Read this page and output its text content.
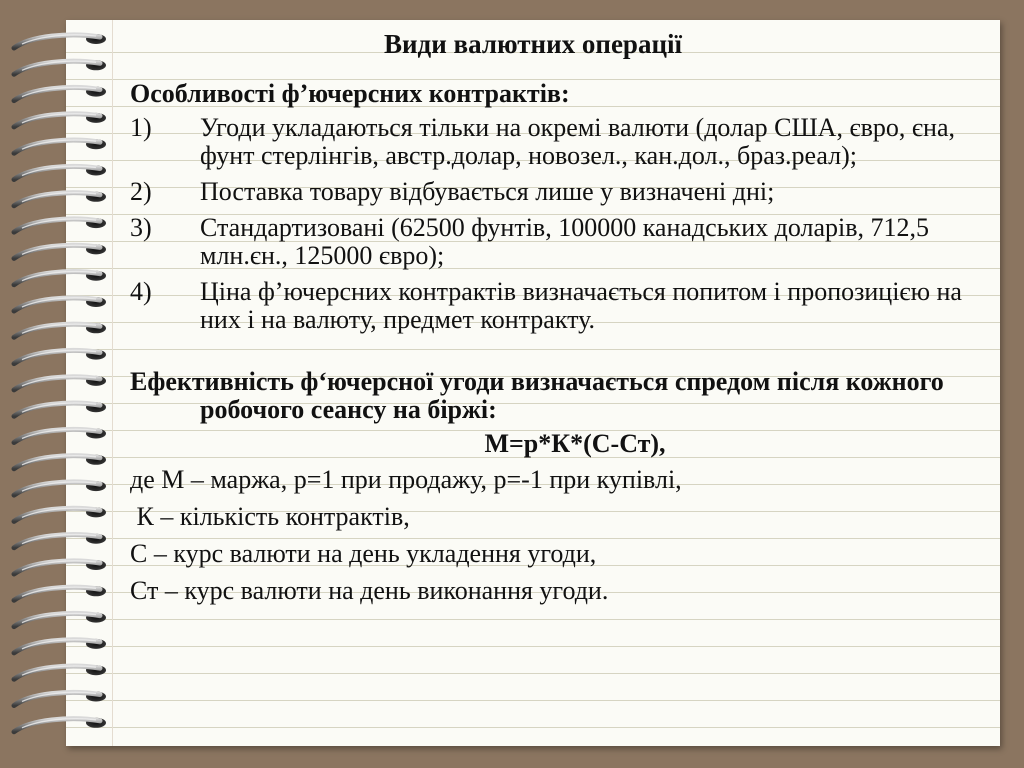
Види валютних операції
Особливості ф’ючерсних контрактів:
1) Угоди укладаються тільки на окремі валюти (долар США, євро, єна, фунт стерлінгів, австр.долар, новозел., кан.дол., браз.реал);
2) Поставка товару відбувається лише у визначені дні;
3) Стандартизовані (62500 фунтів, 100000 канадських доларів, 712,5 млн.єн., 125000 євро);
4) Ціна ф’ючерсних контрактів визначається попитом і пропозицією на них і на валюту, предмет контракту.
Ефективність ф‘ючерсної угоди визначається спредом після кожного робочого сеансу на біржі:
М=р*К*(С-Ст),
де М – маржа, р=1 при продажу, р=-1 при купівлі,
К – кількість контрактів,
С – курс валюти на день укладення угоди,
Ст – курс валюти на день виконання угоди.
